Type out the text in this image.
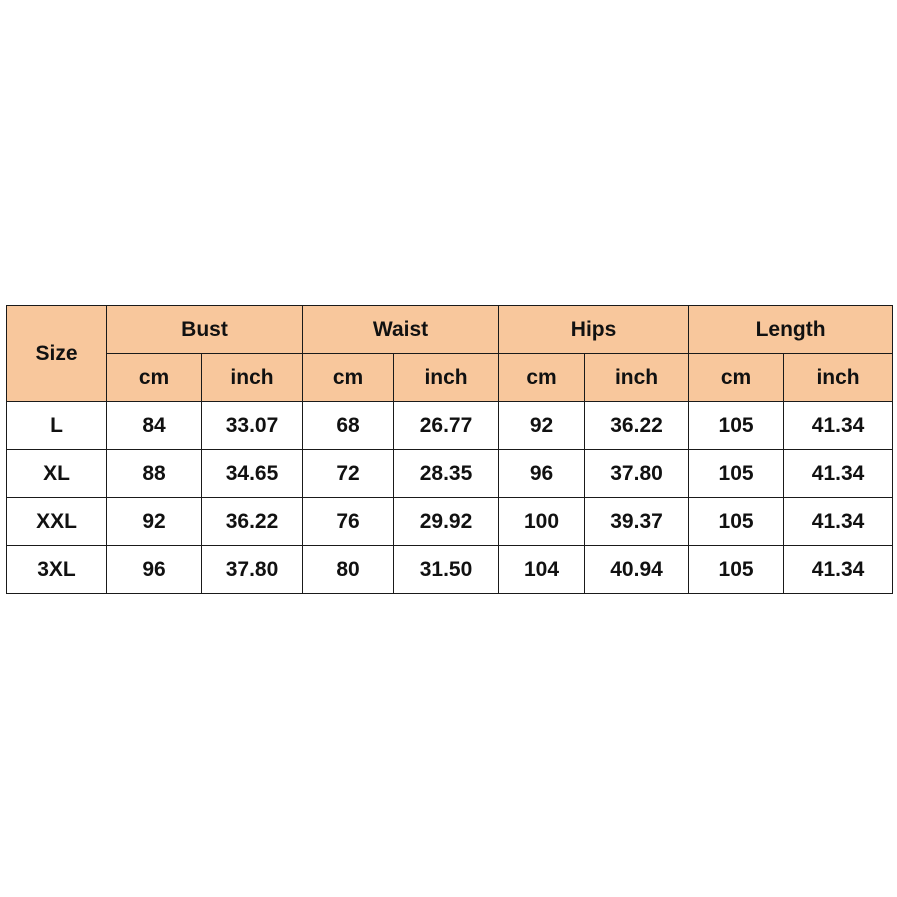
Size	Bust		Waist		Hips		Length	
	cm	inch	cm	inch	cm	inch	cm	inch
L	84	33.07	68	26.77	92	36.22	105	41.34
XL	88	34.65	72	28.35	96	37.80	105	41.34
XXL	92	36.22	76	29.92	100	39.37	105	41.34
3XL	96	37.80	80	31.50	104	40.94	105	41.34
